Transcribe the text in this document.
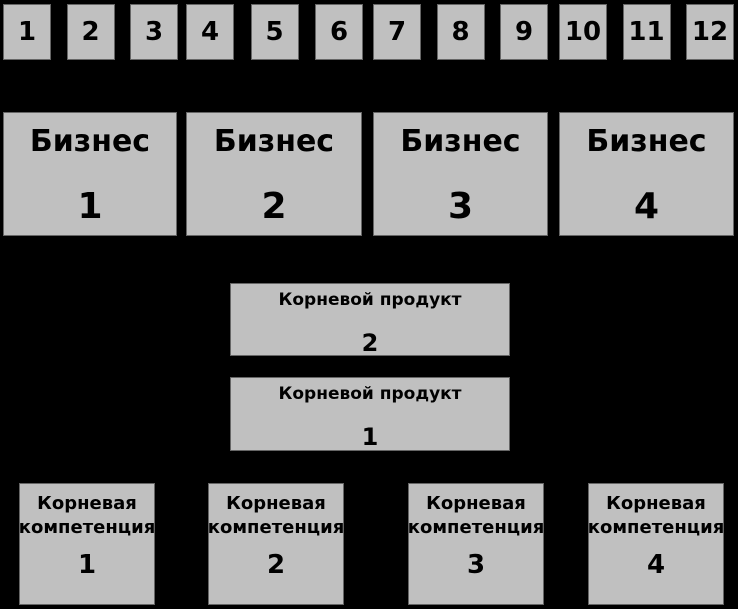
1	2	3	4	5	6	7	8	9	10 11 12
Бизнес
1
Бизнес
2
Бизнес
3
Бизнес
4
Корневой продукт
2
Корневой продукт
1
Корневая компетенция
1
Корневая компетенция
2
Корневая компетенция
3
Корневая компетенция
4
